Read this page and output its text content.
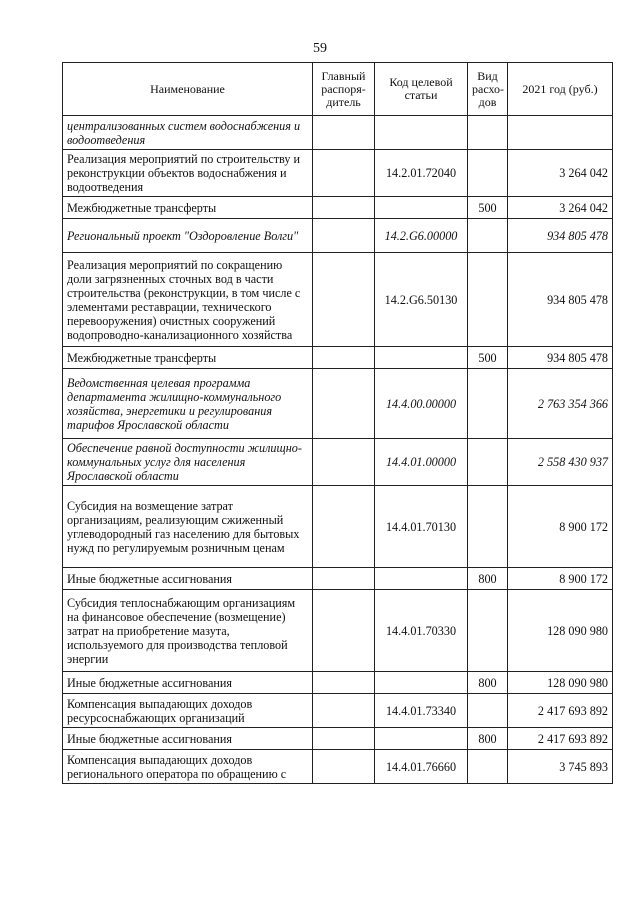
59
Наименование	Главный распоря-дитель	Код целевой статьи	Вид расхо-дов	2021 год (руб.)
централизованных систем водоснабжения и водоотведения				
Реализация мероприятий по строительству и реконструкции объектов водоснабжения и водоотведения		14.2.01.72040		3 264 042
Межбюджетные трансферты			500	3 264 042
Региональный проект "Оздоровление Волги"		14.2.G6.00000		934 805 478
Реализация мероприятий по сокращению доли загрязненных сточных вод в части строительства (реконструкции, в том числе с элементами реставрации, технического перевооружения) очистных сооружений водопроводно-канализационного хозяйства		14.2.G6.50130		934 805 478
Межбюджетные трансферты			500	934 805 478
Ведомственная целевая программа департамента жилищно-коммунального хозяйства, энергетики и регулирования тарифов Ярославской области		14.4.00.00000		2 763 354 366
Обеспечение равной доступности жилищно-коммунальных услуг для населения Ярославской области		14.4.01.00000		2 558 430 937
Субсидия на возмещение затрат организациям, реализующим сжиженный углеводородный газ населению для бытовых нужд по регулируемым розничным ценам		14.4.01.70130		8 900 172
Иные бюджетные ассигнования			800	8 900 172
Субсидия теплоснабжающим организациям на финансовое обеспечение (возмещение) затрат на приобретение мазута, используемого для производства тепловой энергии		14.4.01.70330		128 090 980
Иные бюджетные ассигнования			800	128 090 980
Компенсация выпадающих доходов ресурсоснабжающих организаций		14.4.01.73340		2 417 693 892
Иные бюджетные ассигнования			800	2 417 693 892
Компенсация выпадающих доходов регионального оператора по обращению с		14.4.01.76660		3 745 893
